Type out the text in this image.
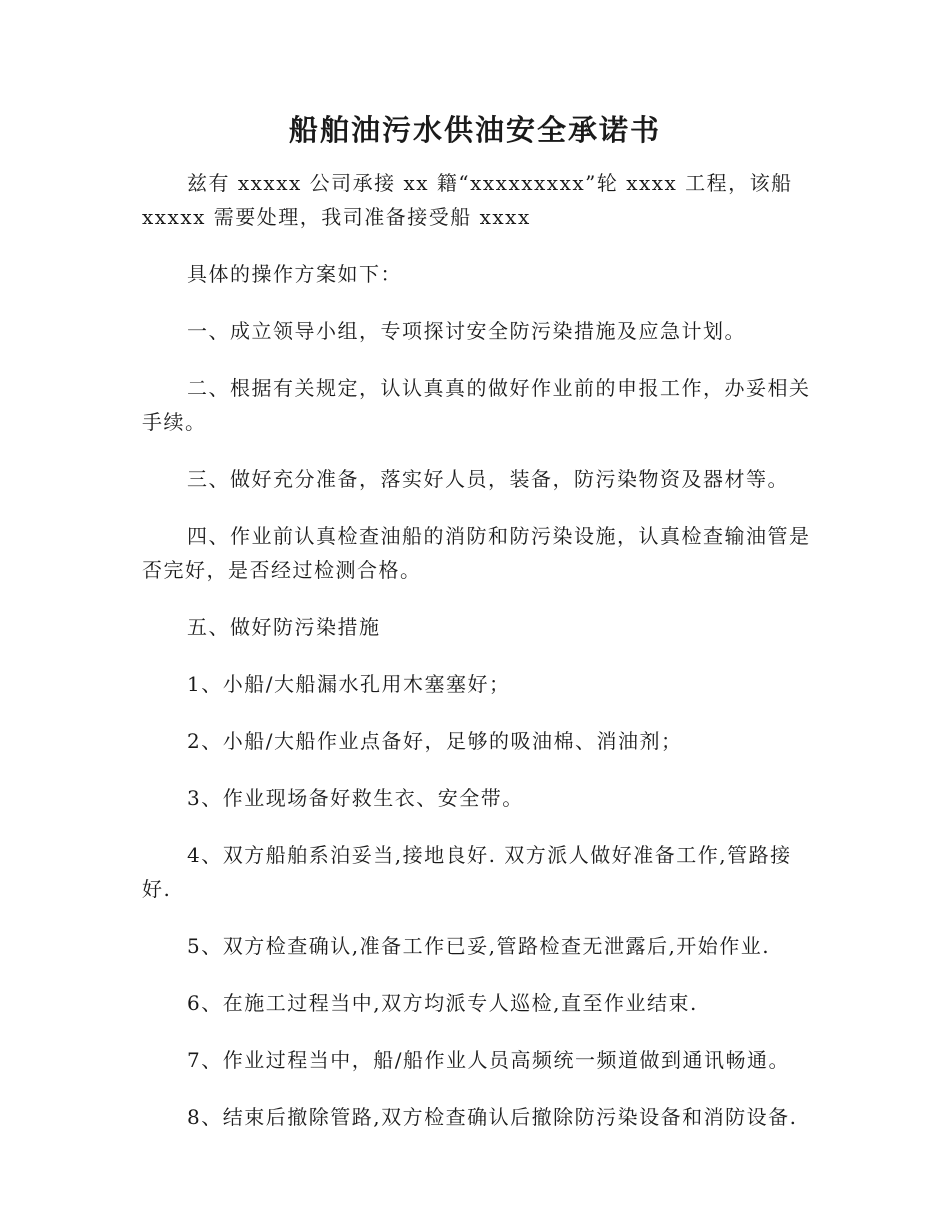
船舶油污水供油安全承诺书

兹有 xxxxx 公司承接 xx 籍“xxxxxxxxx”轮 xxxx 工程，该船 xxxxx 需要处理，我司准备接受船 xxxx

具体的操作方案如下：

一、成立领导小组，专项探讨安全防污染措施及应急计划。

二、根据有关规定，认认真真的做好作业前的申报工作，办妥相关手续。

三、做好充分准备，落实好人员，装备，防污染物资及器材等。

四、作业前认真检查油船的消防和防污染设施，认真检查输油管是否完好，是否经过检测合格。

五、做好防污染措施

1、小船/大船漏水孔用木塞塞好；

2、小船/大船作业点备好，足够的吸油棉、消油剂；

3、作业现场备好救生衣、安全带。

4、双方船舶系泊妥当,接地良好. 双方派人做好准备工作,管路接好.

5、双方检查确认,准备工作已妥,管路检查无泄露后,开始作业.

6、在施工过程当中,双方均派专人巡检,直至作业结束.

7、作业过程当中，船/船作业人员高频统一频道做到通讯畅通。

8、结束后撤除管路,双方检查确认后撤除防污染设备和消防设备.
